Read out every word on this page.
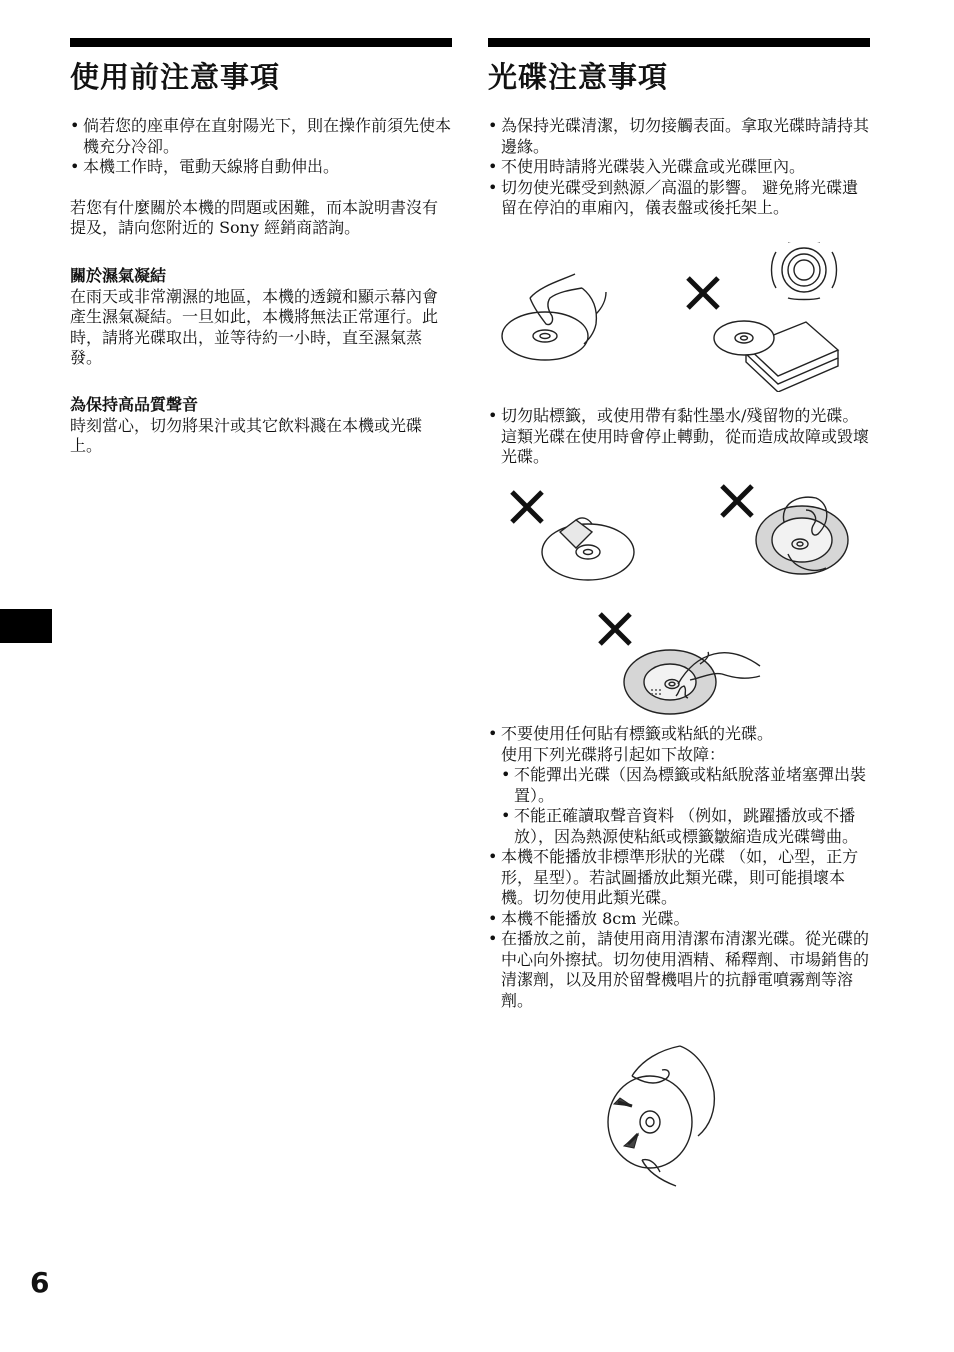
使用前注意事項
• 倘若您的座車停在直射陽光下，則在操作前須先使本機充分冷卻。
• 本機工作時，電動天線將自動伸出。

若您有什麼關於本機的問題或困難，而本說明書沒有提及，請向您附近的 Sony 經銷商諮詢。

關於濕氣凝結

在雨天或非常潮濕的地區，本機的透鏡和顯示幕內會產生濕氣凝結。一旦如此，本機將無法正常運行。此時，請將光碟取出，並等待約一小時，直至濕氣蒸發。

為保持高品質聲音

時刻當心，切勿將果汁或其它飲料濺在本機或光碟上。

光碟注意事項
• 為保持光碟清潔，切勿接觸表面。拿取光碟時請持其邊緣。
• 不使用時請將光碟裝入光碟盒或光碟匣內。
• 切勿使光碟受到熱源／高溫的影響。 避免將光碟遺留在停泊的車廂內，儀表盤或後托架上。
• 切勿貼標籤，或使用帶有黏性墨水/殘留物的光碟。這類光碟在使用時會停止轉動，從而造成故障或毀壞光碟。
• 不要使用任何貼有標籤或粘紙的光碟。
使用下列光碟將引起如下故障：
• 不能彈出光碟（因為標籤或粘紙脫落並堵塞彈出裝置）。
• 不能正確讀取聲音資料 （例如，跳躍播放或不播放），因為熱源使粘紙或標籤皺縮造成光碟彎曲。
• 本機不能播放非標準形狀的光碟 （如，心型，正方形，星型）。若試圖播放此類光碟，則可能損壞本機。切勿使用此類光碟。
• 本機不能播放 8cm 光碟。
• 在播放之前，請使用商用清潔布清潔光碟。從光碟的中心向外擦拭。切勿使用酒精、稀釋劑、市場銷售的清潔劑，以及用於留聲機唱片的抗靜電噴霧劑等溶劑。
6
